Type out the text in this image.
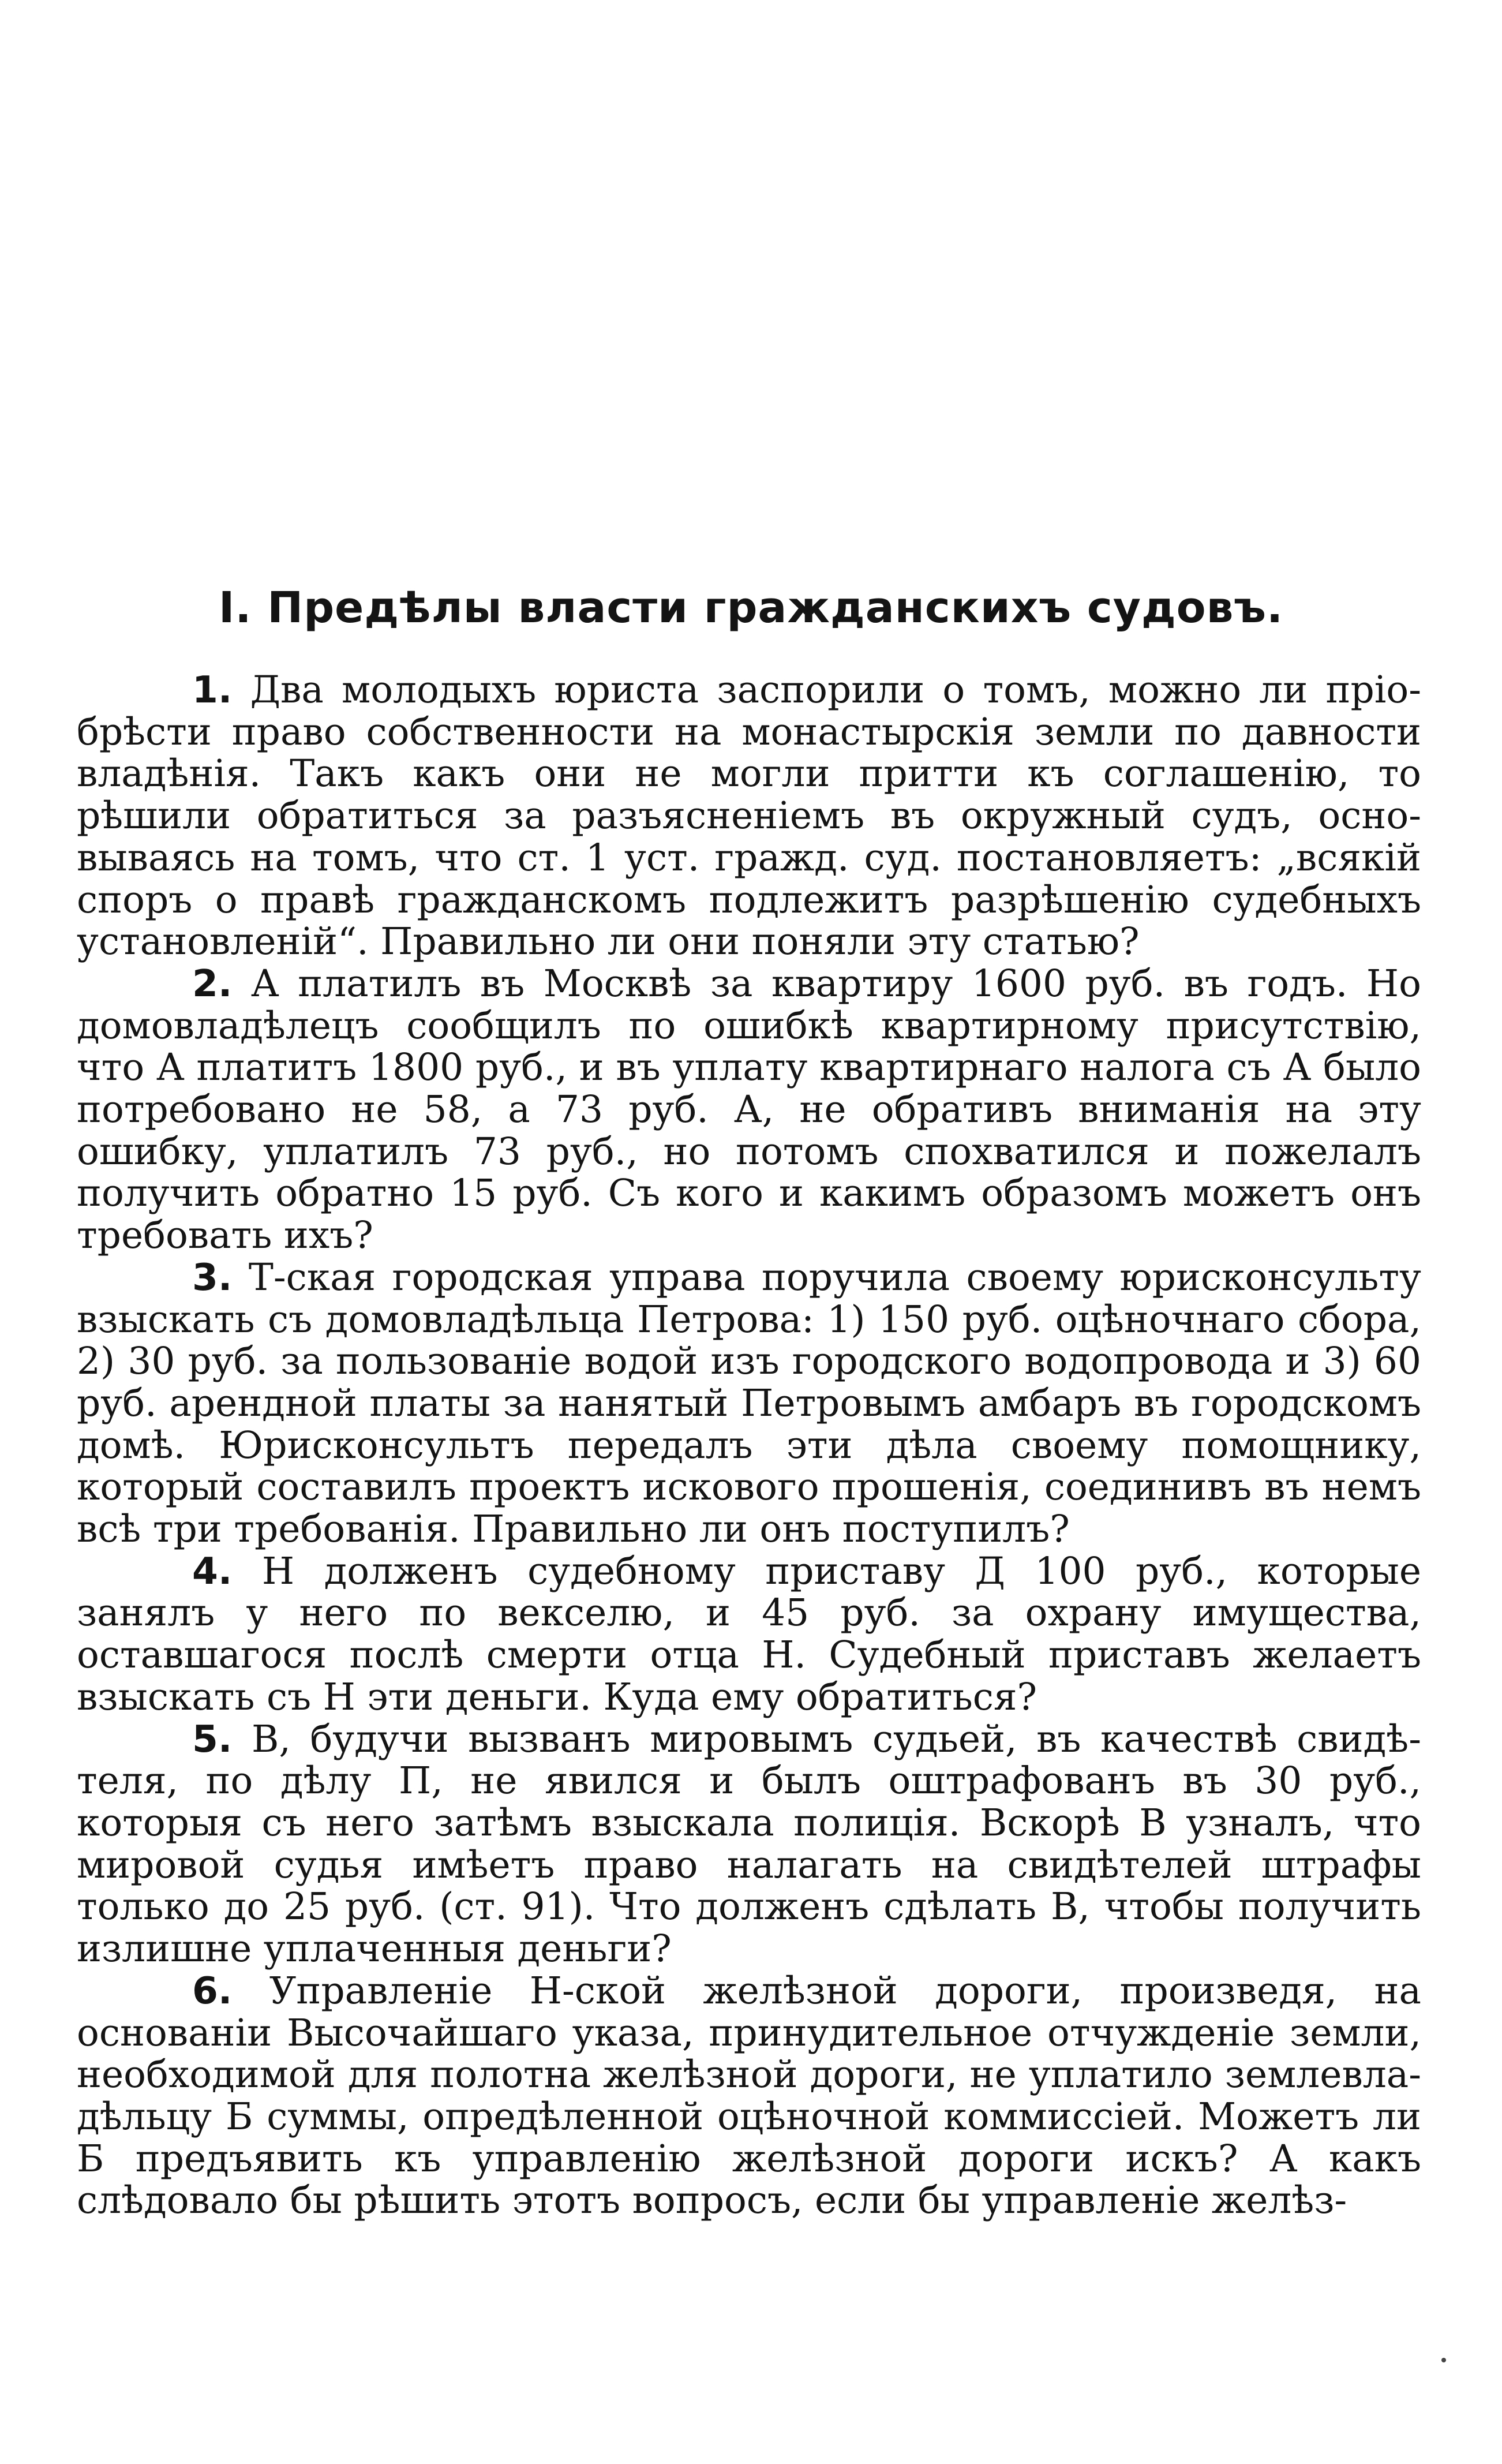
I. Предѣлы власти гражданскихъ судовъ.

1. Два молодыхъ юриста заспорили о томъ, можно ли пріобрѣсти право собственности на монастырскія земли по давности владѣнія. Такъ какъ они не могли притти къ соглашенію, то рѣшили обратиться за разъясненіемъ въ окружный судъ, основываясь на томъ, что ст. 1 уст. гражд. суд. постановляетъ: „всякій споръ о правѣ гражданскомъ подлежитъ разрѣшенію судебныхъ установленій“. Правильно ли они поняли эту статью?

2. А платилъ въ Москвѣ за квартиру 1600 руб. въ годъ. Но домовладѣлецъ сообщилъ по ошибкѣ квартирному присутствію, что А платитъ 1800 руб., и въ уплату квартирнаго налога съ А было потребовано не 58, а 73 руб. А, не обративъ вниманія на эту ошибку, уплатилъ 73 руб., но потомъ спохватился и пожелалъ получить обратно 15 руб. Съ кого и какимъ образомъ можетъ онъ требовать ихъ?

3. Т-ская городская управа поручила своему юрисконсульту взыскать съ домовладѣльца Петрова: 1) 150 руб. оцѣночнаго сбора, 2) 30 руб. за пользованіе водой изъ городского водопровода и 3) 60 руб. арендной платы за нанятый Петровымъ амбаръ въ городскомъ домѣ. Юрисконсультъ передалъ эти дѣла своему помощнику, который составилъ проектъ искового прошенія, соединивъ въ немъ всѣ три требованія. Правильно ли онъ поступилъ?

4. Н долженъ судебному приставу Д 100 руб., которые занялъ у него по векселю, и 45 руб. за охрану имущества, оставшагося послѣ смерти отца Н. Судебный приставъ желаетъ взыскать съ Н эти деньги. Куда ему обратиться?

5. В, будучи вызванъ мировымъ судьей, въ качествѣ свидѣтеля, по дѣлу П, не явился и былъ оштрафованъ въ 30 руб., которыя съ него затѣмъ взыскала полиція. Вскорѣ В узналъ, что мировой судья имѣетъ право налагать на свидѣтелей штрафы только до 25 руб. (ст. 91). Что долженъ сдѣлать В, чтобы получить излишне уплаченныя деньги?

6. Управленіе Н-ской желѣзной дороги, произведя, на основаніи Высочайшаго указа, принудительное отчужденіе земли, необходимой для полотна желѣзной дороги, не уплатило землевладѣльцу Б суммы, опредѣленной оцѣночной коммиссіей. Можетъ ли Б предъявить къ управленію желѣзной дороги искъ? А какъ слѣдовало бы рѣшить этотъ вопросъ, если бы управленіе желѣз-
